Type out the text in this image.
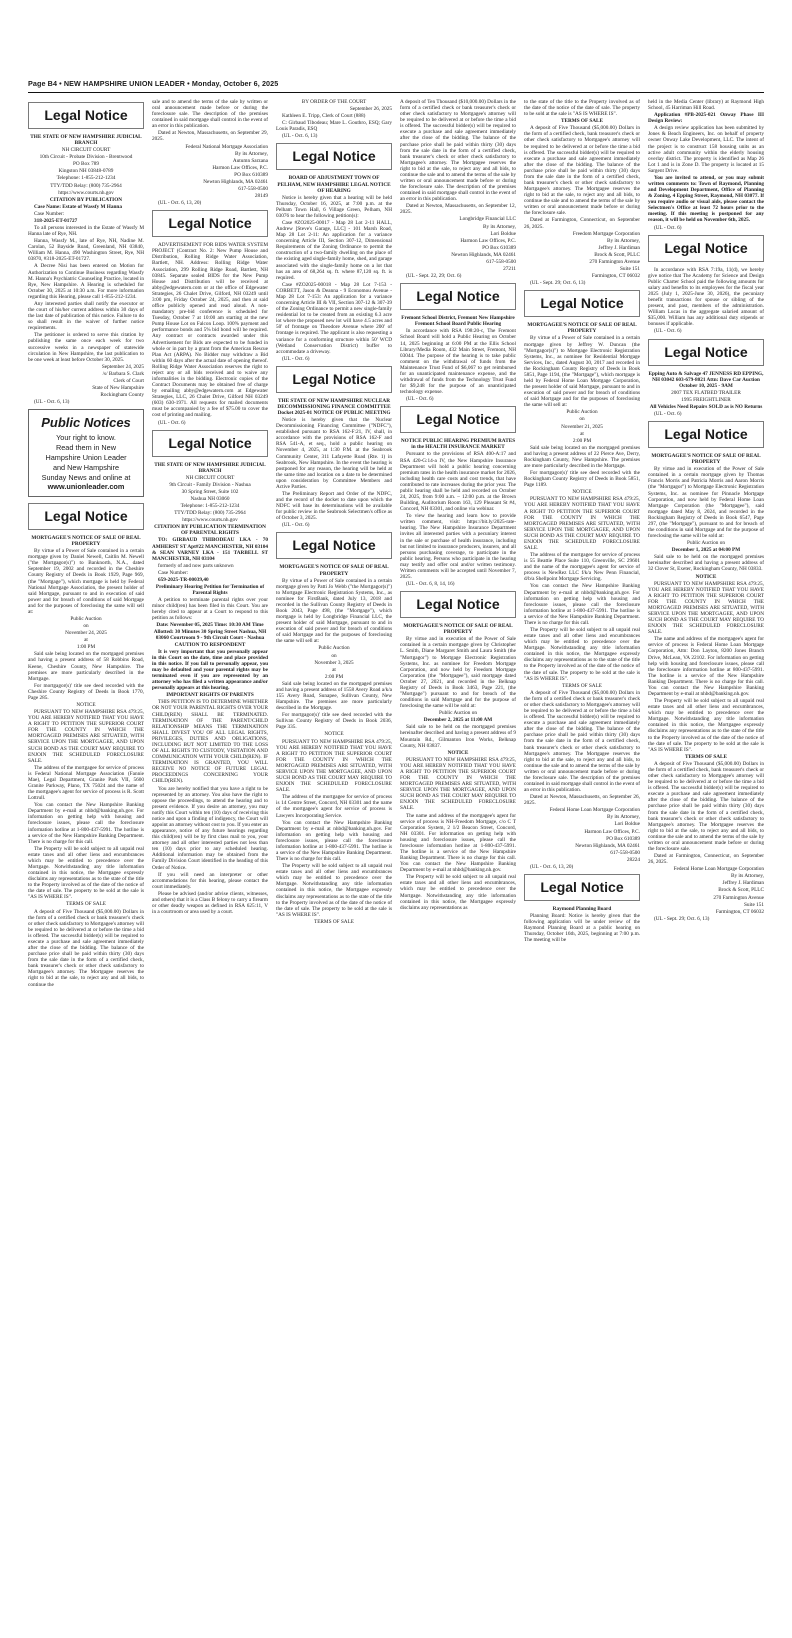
Page B4 • NEW HAMPSHIRE UNION LEADER • Monday, October 6, 2025
Legal Notice

THE STATE OF NEW HAMPSHIRE JUDICIAL BRANCH

NH CIRCUIT COURT

10th Circuit - Probate Division - Brentwood

PO Box 789

Kingston NH 03848-0789

Telephone: 1-855-212-1234

TTY/TDD Relay: (800) 735-2964

https://www.courts.nh.gov

CITATION BY PUBLICATION

Case Name: Estate of Wassfy M Hanna

Case Number:

318-2025-ET-01727

To all persons interested in the Estate of Wassfy M Hanna late of Rye, NH.

Hanna, Wassfy M., late of Rye, NH, Nadine M. Carolan, 52 Bayside Road, Greenland, NH 03840, William M. Hanna, 490 Washington Street, Rye, NH 03870, #318-2025-ET-01727.

A Decree Nisi has been entered on Motion for Authorization to Continue Business regarding Wassfy M. Hanna's Psychiatric Counseling Practice, located in Rye, New Hampshire. A Hearing is scheduled for October 30, 2025 at 10:30 a.m. For more information regarding this Hearing, please call 1-855-212-1234.

Any interested parties shall notify the executor or the court of his/her current address within 30 days of the last date of publication of this notice. Failure to do so shall result in the waiver of further notice requirements.

The petitioner is ordered to serve this citation by publishing the same once each week for two successive weeks in a newspaper of statewide circulation in New Hampshire, the last publication to be one week at least before October 30, 2025.

September 24, 2025

/s/ Barbara S. Clark

Clerk of Court

State of New Hampshire

Rockingham County

(UL - Oct. 6, 13)

Public Notices
Your right to know.
Read them in New
Hampshire Union Leader
and New Hampshire
Sunday News and online at
www.unionleader.com
Legal Notice

MORTGAGEE'S NOTICE OF SALE OF REAL PROPERTY

By virtue of a Power of Sale contained in a certain mortgage given by Daniel Newell, Caitlin M. Newell ("the Mortgagor(s)") to Banknorth, N.A., dated September 19, 2002 and recorded in the Cheshire County Registry of Deeds in Book 1929, Page 969, (the "Mortgage"), which mortgage is held by Federal National Mortgage Association, the present holder of said Mortgage, pursuant to and in execution of said power and for breach of conditions of said Mortgage and for the purposes of foreclosing the same will sell at:

Public Auction

on

November 24, 2025

at

1:00 PM

Said sale being located on the mortgaged premises and having a present address of 58 Robbins Road, Keene, Cheshire County, New Hampshire. The premises are more particularly described in the Mortgage.

For mortgagor(s)' title see deed recorded with the Cheshire County Registry of Deeds in Book 1770, Page 285.

NOTICE

PURSUANT TO NEW HAMPSHIRE RSA 479:25, YOU ARE HEREBY NOTIFIED THAT YOU HAVE A RIGHT TO PETITION THE SUPERIOR COURT FOR THE COUNTY IN WHICH THE MORTGAGED PREMISES ARE SITUATED, WITH SERVICE UPON THE MORTGAGEE, AND UPON SUCH BOND AS THE COURT MAY REQUIRE TO ENJOIN THE SCHEDULED FORECLOSURE SALE.

The address of the mortgagee for service of process is Federal National Mortgage Association (Fannie Mae), Legal Department, Granite Park VII, 5600 Granite Parkway, Plano, TX 75024 and the name of the mortgagee's agent for service of process is R. Scott Lottrull.

You can contact the New Hampshire Banking Department by e-mail at nhbd@banking.nh.gov. For information on getting help with housing and foreclosure issues, please call the foreclosure information hotline at 1-800-437-5991. The hotline is a service of the New Hampshire Banking Department. There is no charge for this call.

The Property will be sold subject to all unpaid real estate taxes and all other liens and encumbrances which may be entitled to precedence over the Mortgage. Notwithstanding any title information contained in this notice, the Mortgagee expressly disclaims any representations as to the state of the title to the Property involved as of the date of the notice of the date of sale. The property to be sold at the sale is "AS IS WHERE IS".

TERMS OF SALE

A deposit of Five Thousand ($5,000.00) Dollars in the form of a certified check or bank treasurer's check or other check satisfactory to Mortgagee's attorney will be required to be delivered at or before the time a bid is offered. The successful bidder(s) will be required to execute a purchase and sale agreement immediately after the close of the bidding. The balance of the purchase price shall be paid within thirty (30) days from the sale date in the form of a certified check, bank treasurer's check or other check satisfactory to Mortgagee's attorney. The Mortgagee reserves the right to bid at the sale, to reject any and all bids, to continue the

sale and to amend the terms of the sale by written or oral announcement made before or during the foreclosure sale. The description of the premises contained in said mortgage shall control in the event of an error in this publication.

Dated at Newton, Massachusetts, on September 29, 2025.

Federal National Mortgage Association

By its Attorney,

Autumn Sarzana

Harmon Law Offices, P.C.

PO Box 610389

Newton Highlands, MA 02461

617-558-0500

28149

(UL - Oct. 6, 13, 20)

Legal Notice

ADVERTISEMENT FOR BIDS WATER SYSTEM PROJECT (Contract No. 2: New Pump House and Distribution, Rolling Ridge Water Association, Bartlett, NH. Address: Rolling Ridge Water Association, 299 Rolling Ridge Road, Bartlett, NH 03845. Separate sealed BIDS for the New Pump House and Distribution will be received at abby@edgewatern.com or at the office of Edgewater Strategies, 26 Chalet Drive, Gilford, NH 03249 until 3:00 pm, Friday October 24, 2025, and then at said office publicly opened and read aloud. A non-mandatory pre-bid conference is scheduled for Tuesday, October 7 at 10:00 am starting at the new Pump House Lot on Falcon Loop. 100% payment and performance bonds and 5% bid bond will be required. Any contract or contracts awarded under this Advertisement for Bids are expected to be funded in whole or in part by a grant from the American Rescue Plan Act (ARPA). No Bidder may withdraw a Bid within 60 days after the actual date of opening thereof. Rolling Ridge Water Association reserves the right to reject any or all bids received and to waive any informalities in the bidding. Electronic copies of the Contract Documents may be obtained free of charge by emailing abby@edgewatern.com at Edgewater Strategies, LLC, 26 Chalet Drive, Gilford NH 03249 (603) 630-1971. All requests for mailed documents must be accompanied by a fee of $75.00 to cover the cost of printing and mailing.

(UL - Oct. 6)

Legal Notice

THE STATE OF NEW HAMPSHIRE JUDICIAL BRANCH

NH CIRCUIT COURT

9th Circuit - Family Division - Nashua

30 Spring Street, Suite 102

Nashua NH 03060

Telephone: 1-855-212-1234

TTY/TDD Relay: (800) 735-2964

https://www.courts.nh.gov

CITATION BY PUBLICATION TERMINATION OF PARENTAL RIGHTS

TO: GIRBAUD THIBODEAU LKA - 70 AMHERST ST Apt#22 MANCHESTER, NH 03104 & SEAN VARNEY LKA - 151 TARBELL ST MANCHESTER, NH 03104

formerly of and now parts unknown

Case Number:

659-2025-TR-00039,40

Preliminary Hearing Petition for Termination of Parental Rights

A petition to terminate parental rights over your minor child(ren) has been filed in this Court. You are hereby cited to appear at a Court to respond to this petition as follows:

Date: November 05, 2025 Time: 10:30 AM Time Allotted: 30 Minutes 30 Spring Street Nashua, NH 03060 Courtroom 9 - 9th Circuit Court - Nashua

CAUTION TO RESPONDENT

It is very important that you personally appear in this Court on the date, time and place provided in this notice. If you fail to personally appear, you may be defaulted and your parental rights may be terminated even if you are represented by an attorney who has filed a written appearance and/or personally appears at this hearing.

IMPORTANT RIGHTS OF PARENTS

THIS PETITION IS TO DETERMINE WHETHER OR NOT YOUR PARENTAL RIGHTS OVER YOUR CHILD(REN) SHALL BE TERMINATED. TERMINATION OF THE PARENT/CHILD RELATIONSHIP MEANS THE TERMINATION SHALL DIVEST YOU OF ALL LEGAL RIGHTS, PRIVILEGES, DUTIES AND OBLIGATIONS, INCLUDING BUT NOT LIMITED TO THE LOSS OF ALL RIGHTS TO CUSTODY, VISITATION AND COMMUNICATION WITH YOUR CHILD(REN). IF TERMINATION IS GRANTED, YOU WILL RECEIVE NO NOTICE OF FUTURE LEGAL PROCEEDINGS CONCERNING YOUR CHILD(REN).

You are hereby notified that you have a right to be represented by an attorney. You also have the right to oppose the proceedings, to attend the hearing and to present evidence. If you desire an attorney, you may notify this Court within ten (10) days of receiving this notice and upon a finding of indigency, the Court will appoint an attorney without cost to you. If you enter an appearance, notice of any future hearings regarding this child(ren) will be by first class mail to you, your attorney and all other interested parties not less than ten (10) days prior to any scheduled hearing. Additional information may be obtained from the Family Division Court identified in the heading of this Order of Notice.

If you will need an interpreter or other accommodations for this hearing, please contact the court immediately.

Please be advised (and/or advise clients, witnesses, and others) that it is a Class B felony to carry a firearm or other deadly weapon as defined in RSA 625:11, V in a courtroom or area used by a court.

BY ORDER OF THE COURT

September 26, 2025

Kathleen E. Tripp, Clerk of Court (888)

C: Girbaud Tibodeau; Mare L. Gouthro, ESQ; Gary Louis Paradis, ESQ

(UL - Oct. 6, 13)

Legal Notice

BOARD OF ADJUSTMENT TOWN OF PELHAM, NEW HAMPSHIRE LEGAL NOTICE OF HEARING

Notice is hereby given that a hearing will be held Thursday, October 16, 2025, at 7:00 p.m. at the Pelham Town Hall, 6 Village Green, Pelham, NH 03076 to hear the following petition(s):

Case #ZO2025-00017 - Map 28 Lot 2-11 HALL, Andrew [Steve's Garage, LLC] - 101 Marsh Road, Map 28 Lot 2-11: An application for a variance concerning Article III, Section 307-12, Dimensional Requirements of the Zoning Ordinance to permit the construction of a two-family dwelling on the place of the existing aged single-family home, shed, and garage associated with the single-family home on a lot that has an area of 68,264 sq. ft. where 87,120 sq. ft. is required.

Case #ZO2025-00018 - Map 28 Lot 7-153 - CORBETT, Jason & Deanna - 9 Economou Avenue - Map 28 Lot 7-153: An application for a variance concerning Article III & VII, Section 307-12 & 307-39 of the Zoning Ordinance to permit a new single-family residential lot to be created from an existing 6.3 acre lot where the proposed new lot will have 4.5 acres and 50' of frontage on Theodore Avenue where 200' of frontage is required. The applicant is also requesting a variance for a conforming structure within 50' WCD (Wetland Conservation District) buffer to accommodate a driveway.

(UL - Oct. 6)

Legal Notice

THE STATE OF NEW HAMPSHIRE NUCLEAR DECOMMISSIONING FINANCE COMMITTEE Docket 2025-01 NOTICE OF PUBLIC MEETING

Notice is hereby given that the Nuclear Decommissioning Financing Committee ("NDFC"), established pursuant to RSA 162-F:21, IV, shall, in accordance with the provisions of RSA 162-F and RSA 541-A, et seq., hold a public hearing on November 4, 2025, at 1:30 P.M. at the Seabrook Community Center, 311 Lafayette Road (Rte. 1) in Seabrook, New Hampshire. In the event the hearing is postponed for any reason, the hearing will be held at the same time and location on a date to be determined upon consideration by Committee Members and Active Parties.

The Preliminary Report and Order of the NDFC, and the record of the docket to date upon which the NDFC will base its determinations will be available for public review in the Seabrook Selectmen's office as of October 3, 2025.

(UL - Oct. 6)

Legal Notice

MORTGAGEE'S NOTICE OF SALE OF REAL PROPERTY

By virtue of a Power of Sale contained in a certain mortgage given by Patti Jo Webb ("the Mortgagor(s)") to Mortgage Electronic Registration Systems, Inc., as nominee for FirstBank, dated July 13, 2018 and recorded in the Sullivan County Registry of Deeds in Book 2043, Page 498, (the "Mortgage"), which mortgage is held by Longbridge Financial LLC, the present holder of said Mortgage, pursuant to and in execution of said power and for breach of conditions of said Mortgage and for the purposes of foreclosing the same will sell at:

Public Auction

on

November 3, 2025

at

2:00 PM

Said sale being located on the mortgaged premises and having a present address of 1558 Avery Road a/k/a 155 Avery Road, Sunapee, Sullivan County, New Hampshire. The premises are more particularly described in the Mortgage.

For mortgagor(s)' title see deed recorded with the Sullivan County Registry of Deeds in Book 2036, Page 335.

NOTICE

PURSUANT TO NEW HAMPSHIRE RSA 479:25, YOU ARE HEREBY NOTIFIED THAT YOU HAVE A RIGHT TO PETITION THE SUPERIOR COURT FOR THE COUNTY IN WHICH THE MORTGAGED PREMISES ARE SITUATED, WITH SERVICE UPON THE MORTGAGEE, AND UPON SUCH BOND AS THE COURT MAY REQUIRE TO ENJOIN THE SCHEDULED FORECLOSURE SALE.

The address of the mortgagee for service of process is 14 Centre Street, Concord, NH 03301 and the name of the mortgagee's agent for service of process is Lawyers Incorporating Service.

You can contact the New Hampshire Banking Department by e-mail at nhbd@banking.nh.gov. For information on getting help with housing and foreclosure issues, please call the foreclosure information hotline at 1-800-437-5991. The hotline is a service of the New Hampshire Banking Department. There is no charge for this call.

The Property will be sold subject to all unpaid real estate taxes and all other liens and encumbrances which may be entitled to precedence over the Mortgage. Notwithstanding any title information contained in this notice, the Mortgagee expressly disclaims any representations as to the state of the title to the Property involved as of the date of the notice of the date of sale. The property to be sold at the sale is "AS IS WHERE IS".

TERMS OF SALE

A deposit of Ten Thousand ($10,000.00) Dollars in the form of a certified check or bank treasurer's check or other check satisfactory to Mortgagee's attorney will be required to be delivered at or before the time a bid is offered. The successful bidder(s) will be required to execute a purchase and sale agreement immediately after the close of the bidding. The balance of the purchase price shall be paid within thirty (30) days from the sale date in the form of a certified check, bank treasurer's check or other check satisfactory to Mortgagee's attorney. The Mortgagee reserves the right to bid at the sale, to reject any and all bids, to continue the sale and to amend the terms of the sale by written or oral announcement made before or during the foreclosure sale. The description of the premises contained in said mortgage shall control in the event of an error in this publication.

Dated at Newton, Massachusetts, on September 12, 2025.

Longbridge Financial LLC

By its Attorney,

Lori Boldue

Harmon Law Offices, P.C.

PO Box 610389

Newton Highlands, MA 02461

617-558-0500

27211

(UL - Sept. 22, 29; Oct. 6)

Legal Notice

Fremont School District, Fremont New Hampshire Fremont School Board Public Hearing

In accordance with RSA 198:20-c, The Fremont School Board will hold a Public Hearing on October 14, 2025 beginning at 6:00 PM at the Ellis School Library/Media Room, 432 Main Street, Fremont, NH 03044. The purpose of the hearing is to take public comment on the withdrawal of funds from the Maintenance Trust Fund of $6,067 to get reimbursed for an unanticipated maintenance expense, and the withdrawal of funds from the Technology Trust Fund for $9,248 for the purpose of an unanticipated technology expense.

(UL - Oct. 6)

Legal Notice

NOTICE PUBLIC HEARING PREMIUM RATES in the HEALTH INSURANCE MARKET

Pursuant to the provisions of RSA 400-A:17 and RSA 420-G:14-a IV, the New Hampshire Insurance Department will hold a public hearing concerning premium rates in the health insurance market for 2026, including health care costs and cost trends, that have contributed to rate increases during the prior year. The public hearing shall be held and recorded on October 24, 2025, from 9:00 a.m. – 12:00 p.m. at the Brown Building, Auditorium Room 163, 129 Pleasant St #4, Concord, NH 03301, and online via webinar.

To view the hearing and learn how to provide written comment, visit: https://bit.ly/2025-rate-hearing. The New Hampshire Insurance Department invites all interested parties with a pecuniary interest in the sale or purchase of health insurance, including but not limited to insurance producers, insurers, and all persons purchasing coverage, to participate in the public hearing. Persons who participate in the hearing may testify and offer oral and/or written testimony. Written comments will be accepted until November 7, 2025.

(UL - Oct. 6, 8, 14, 16)

Legal Notice

MORTGAGEE'S NOTICE OF SALE OF REAL PROPERTY

By virtue and in execution of the Power of Sale contained in a certain mortgage given by Christopher L. Smith, Diane Margaret Smith and Laura Smith (the "Mortgagor") to Mortgage Electronic Registration Systems, Inc. as nominee for Freedom Mortgage Corporation, and now held by Freedom Mortgage Corporation (the "Mortgagee"), said mortgage dated October 27, 2021, and recorded in the Belknap Registry of Deeds in Book 3463, Page 221, (the "Mortgage") pursuant to and for breach of the conditions in said Mortgage and for the purpose of foreclosing the same will be sold at:

Public Auction on

December 2, 2025 at 11:00 AM

Said sale to be held on the mortgaged premises hereinafter described and having a present address of 9 Mountain Rd., Gilmanton Iron Works, Belknap County, NH 03837.

NOTICE

PURSUANT TO NEW HAMPSHIRE RSA 479:25, YOU ARE HEREBY NOTIFIED THAT YOU HAVE A RIGHT TO PETITION THE SUPERIOR COURT FOR THE COUNTY IN WHICH THE MORTGAGED PREMISES ARE SITUATED, WITH SERVICE UPON THE MORTGAGEE, AND UPON SUCH BOND AS THE COURT MAY REQUIRE TO ENJOIN THE SCHEDULED FORECLOSURE SALE.

The name and address of the mortgagee's agent for service of process is NH-Freedom Mortgage, c/o C T Corporation System, 2 1/2 Beacon Street, Concord, NH 03301. For information on getting help with housing and foreclosure issues, please call the foreclosure information hotline at 1-800-437-5991. The hotline is a service of the New Hampshire Banking Department. There is no charge for this call. You can contact the New Hampshire Banking Department by e-mail at nhbd@banking.nh.gov.

The Property will be sold subject to all unpaid real estate taxes and all other liens and encumbrances, which may be entitled to precedence over the Mortgage. Notwithstanding any title information contained in this notice, the Mortgagee expressly disclaims any representations as

to the state of the title to the Property involved as of the date of the notice of the date of sale. The property to be sold at the sale is "AS IS WHERE IS".

TERMS OF SALE

A deposit of Five Thousand ($5,000.00) Dollars in the form of a certified check, bank treasurer's check or other check satisfactory to Mortgagee's attorney will be required to be delivered at or before the time a bid is offered. The successful bidder(s) will be required to execute a purchase and sale agreement immediately after the close of the bidding. The balance of the purchase price shall be paid within thirty (30) days from the sale date in the form of a certified check, bank treasurer's check or other check satisfactory to Mortgagee's attorney. The Mortgagee reserves the right to bid at the sale, to reject any and all bids, to continue the sale and to amend the terms of the sale by written or oral announcement made before or during the foreclosure sale.

Dated at Farmington, Connecticut, on September 26, 2025.

Freedom Mortgage Corporation

By its Attorney,

Jeffrey J. Hardiman

Brock & Scott, PLLC

270 Farmington Avenue

Suite 151

Farmington, CT 06032

(UL - Sept. 29; Oct. 6, 13)

Legal Notice

MORTGAGEE'S NOTICE OF SALE OF REAL PROPERTY

By virtue of a Power of Sale contained in a certain mortgage given by Jeffrey W. Duncan (the "Mortgagor(s)") to Mortgage Electronic Registration Systems, Inc., as nominee for Residential Mortgage Services, Inc., dated August 30, 2017 and recorded in the Rockingham County Registry of Deeds in Book 5851, Page 1194, (the "Mortgage"), which mortgage is held by Federal Home Loan Mortgage Corporation, the present holder of said Mortgage, pursuant to and in execution of said power and for breach of conditions of said Mortgage and for the purposes of foreclosing the same will sell at:

Public Auction

on

November 21, 2025

at

2:00 PM

Said sale being located on the mortgaged premises and having a present address of 22 Pierce Ave, Derry, Rockingham County, New Hampshire. The premises are more particularly described in the Mortgage.

For mortgagor(s)' title see deed recorded with the Rockingham County Registry of Deeds in Book 5851, Page 1189.

NOTICE

PURSUANT TO NEW HAMPSHIRE RSA 479:25, YOU ARE HEREBY NOTIFIED THAT YOU HAVE A RIGHT TO PETITION THE SUPERIOR COURT FOR THE COUNTY IN WHICH THE MORTGAGED PREMISES ARE SITUATED, WITH SERVICE UPON THE MORTGAGEE, AND UPON SUCH BOND AS THE COURT MAY REQUIRE TO ENJOIN THE SCHEDULED FORECLOSURE SALE.

The address of the mortgagee for service of process is 55 Beattie Place Suite 110, Greenville, SC 29601 and the name of the mortgagee's agent for service of process is NewRez LLC f/k/a New Penn Financial, d/b/a Shellpoint Mortgage Servicing.

You can contact the New Hampshire Banking Department by e-mail at nhbd@banking.nh.gov. For information on getting help with housing and foreclosure issues, please call the foreclosure information hotline at 1-800-437-5991. The hotline is a service of the New Hampshire Banking Department. There is no charge for this call.

The Property will be sold subject to all unpaid real estate taxes and all other liens and encumbrances which may be entitled to precedence over the Mortgage. Notwithstanding any title information contained in this notice, the Mortgagee expressly disclaims any representations as to the state of the title to the Property involved as of the date of the notice of the date of sale. The property to be sold at the sale is "AS IS WHERE IS".

TERMS OF SALE

A deposit of Five Thousand ($5,000.00) Dollars in the form of a certified check or bank treasurer's check or other check satisfactory to Mortgagee's attorney will be required to be delivered at or before the time a bid is offered. The successful bidder(s) will be required to execute a purchase and sale agreement immediately after the close of the bidding. The balance of the purchase price shall be paid within thirty (30) days from the sale date in the form of a certified check, bank treasurer's check or other check satisfactory to Mortgagee's attorney. The Mortgagee reserves the right to bid at the sale, to reject any and all bids, to continue the sale and to amend the terms of the sale by written or oral announcement made before or during the foreclosure sale. The description of the premises contained in said mortgage shall control in the event of an error in this publication.

Dated at Newton, Massachusetts, on September 26, 2025.

Federal Home Loan Mortgage Corporation

By its Attorney,

Lori Boldue

Harmon Law Offices, P.C.

PO Box 610389

Newton Highlands, MA 02461

617-558-0500

28224

(UL - Oct. 6, 13, 20)

Legal Notice

Raymond Planning Board

Planning Board: Notice is hereby given that the following application will be under review of the Raymond Planning Board at a public hearing on Thursday, October 16th, 2025, beginning at 7:00 p.m. The meeting will be

held in the Media Center (library) at Raymond High School, 45 Harriman Hill Road.

Application #PB-2025-021 Onway Phase III Design Review:

A design review application has been submitted by Jones & Beach Engineers, Inc. on behalf of property owner Onway Lake Development, LLC. The intent of the project is to construct 158 housing units as an active adult community within the elderly housing overlay district. The property is identified as Map 26 Lot 1 and is in Zone D. The property is located at 15 Sargent Drive.

You are invited to attend, or you may submit written comments to: Town of Raymond, Planning and Development Department, Office of Planning & Zoning, 4 Epping Street, Raymond, NH 03077. If you require audio or visual aids, please contact the Selectmen's Office at least 72 hours prior to the meeting. If this meeting is postponed for any reason, it will be held on November 6th, 2025.

(UL - Oct. 6)

Legal Notice

In accordance with RSA 7:19a, 11(d), we hereby give notice that The Academy for Science and Design Public Charter School paid the following amounts for salary and benefits to its employees for the fiscal year 2025 (July 1, 2025-June 30, 2026), the pecuniary benefit transactions for spouse or sibling of the present, and past, members of the administration. William Lucas in the aggregate salaried amount of $35,000. William has any additional duty stipends or bonuses if applicable.

(UL - Oct. 6)

Legal Notice

Epping Auto & Salvage 47 JENNESS RD EPPING, NH 03042 603-679-8021 Attn: Dave Car Auction October 10, 2025 - 9AM

2007 TEX FLATBED TRAILER

1995 FREIGHTLINER

All Vehicles Need Repairs SOLD as is NO Returns

(UL - Oct. 6)

Legal Notice

MORTGAGEE'S NOTICE OF SALE OF REAL PROPERTY

By virtue and in execution of the Power of Sale contained in a certain mortgage given by Thomas Francis Morris and Patricia Morris and Aaron Morris (the "Mortgagor") to Mortgage Electronic Registration Systems, Inc. as nominee for Pinnacle Mortgage Corporation, and now held by Federal Home Loan Mortgage Corporation (the "Mortgagee"), said mortgage dated May 8, 2024, and recorded in the Rockingham Registry of Deeds in Book 6547, Page 297, (the "Mortgage"), pursuant to and for breach of the conditions in said Mortgage and for the purpose of foreclosing the same will be sold at:

Public Auction on

December 1, 2025 at 04:00 PM

Said sale to be held on the mortgaged premises hereinafter described and having a present address of 32 Clover St, Exeter, Rockingham County, NH 03833.

NOTICE

PURSUANT TO NEW HAMPSHIRE RSA 479:25, YOU ARE HEREBY NOTIFIED THAT YOU HAVE A RIGHT TO PETITION THE SUPERIOR COURT FOR THE COUNTY IN WHICH THE MORTGAGED PREMISES ARE SITUATED, WITH SERVICE UPON THE MORTGAGEE, AND UPON SUCH BOND AS THE COURT MAY REQUIRE TO ENJOIN THE SCHEDULED FORECLOSURE SALE.

The name and address of the mortgagee's agent for service of process is Federal Home Loan Mortgage Corporation, Attn: Don Layton, 8200 Jones Branch Drive, McLean, VA 22102. For information on getting help with housing and foreclosure issues, please call the foreclosure information hotline at 800-437-5991. The hotline is a service of the New Hampshire Banking Department. There is no charge for this call. You can contact the New Hampshire Banking Department by e-mail at nhbd@banking.nh.gov.

The Property will be sold subject to all unpaid real estate taxes and all other liens and encumbrances, which may be entitled to precedence over the Mortgage. Notwithstanding any title information contained in this notice, the Mortgagee expressly disclaims any representations as to the state of the title to the Property involved as of the date of the notice of the date of sale. The property to be sold at the sale is "AS IS WHERE IS".

TERMS OF SALE

A deposit of Five Thousand ($5,000.00) Dollars in the form of a certified check, bank treasurer's check or other check satisfactory to Mortgagee's attorney will be required to be delivered at or before the time a bid is offered. The successful bidder(s) will be required to execute a purchase and sale agreement immediately after the close of the bidding. The balance of the purchase price shall be paid within thirty (30) days from the sale date in the form of a certified check, bank treasurer's check or other check satisfactory to Mortgagee's attorney. The Mortgagee reserves the right to bid at the sale, to reject any and all bids, to continue the sale and to amend the terms of the sale by written or oral announcement made before or during the foreclosure sale.

Dated at Farmington, Connecticut, on September 26, 2025.

Federal Home Loan Mortgage Corporation

By its Attorney,

Jeffrey J. Hardiman

Brock & Scott, PLLC

270 Farmington Avenue

Suite 151

Farmington, CT 06032

(UL - Sept. 29; Oct. 6, 13)
